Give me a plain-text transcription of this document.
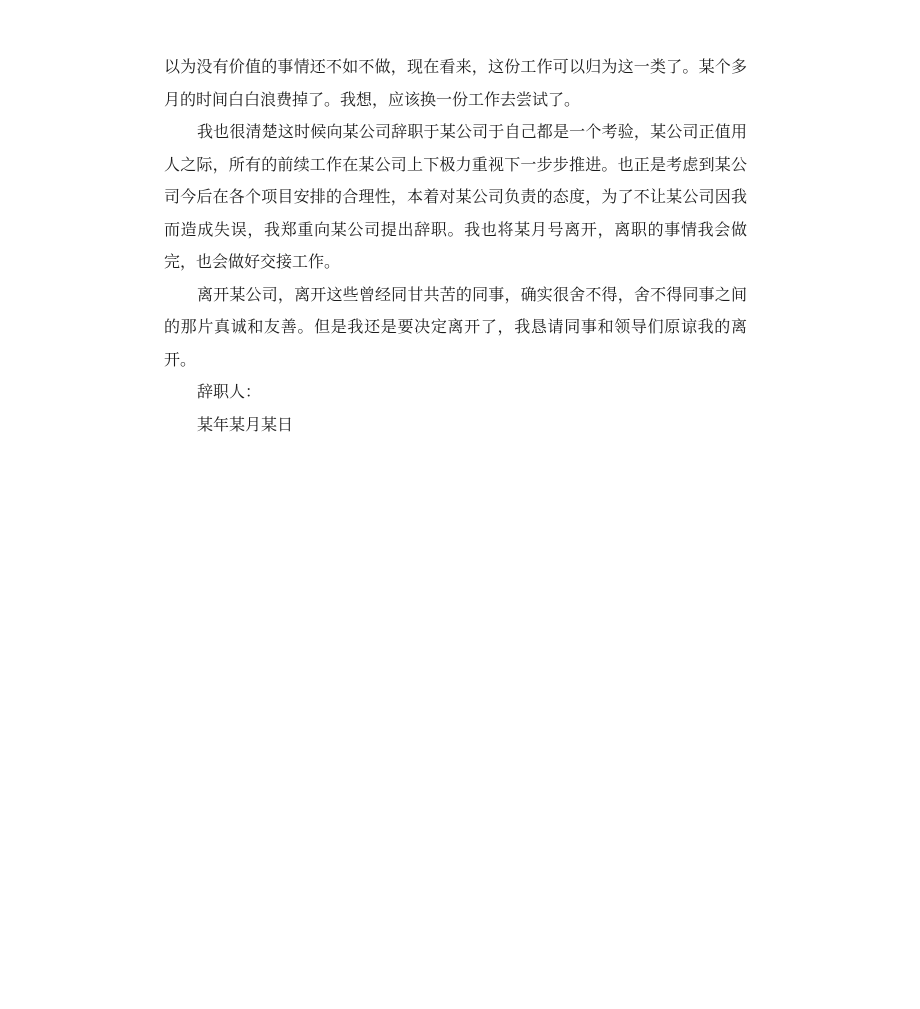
以为没有价值的事情还不如不做，现在看来，这份工作可以归为这一类了。某个多月的时间白白浪费掉了。我想，应该换一份工作去尝试了。

我也很清楚这时候向某公司辞职于某公司于自己都是一个考验，某公司正值用人之际，所有的前续工作在某公司上下极力重视下一步步推进。也正是考虑到某公司今后在各个项目安排的合理性，本着对某公司负责的态度，为了不让某公司因我而造成失误，我郑重向某公司提出辞职。我也将某月号离开，离职的事情我会做完，也会做好交接工作。

离开某公司，离开这些曾经同甘共苦的同事，确实很舍不得，舍不得同事之间的那片真诚和友善。但是我还是要决定离开了，我恳请同事和领导们原谅我的离开。

辞职人：

某年某月某日
